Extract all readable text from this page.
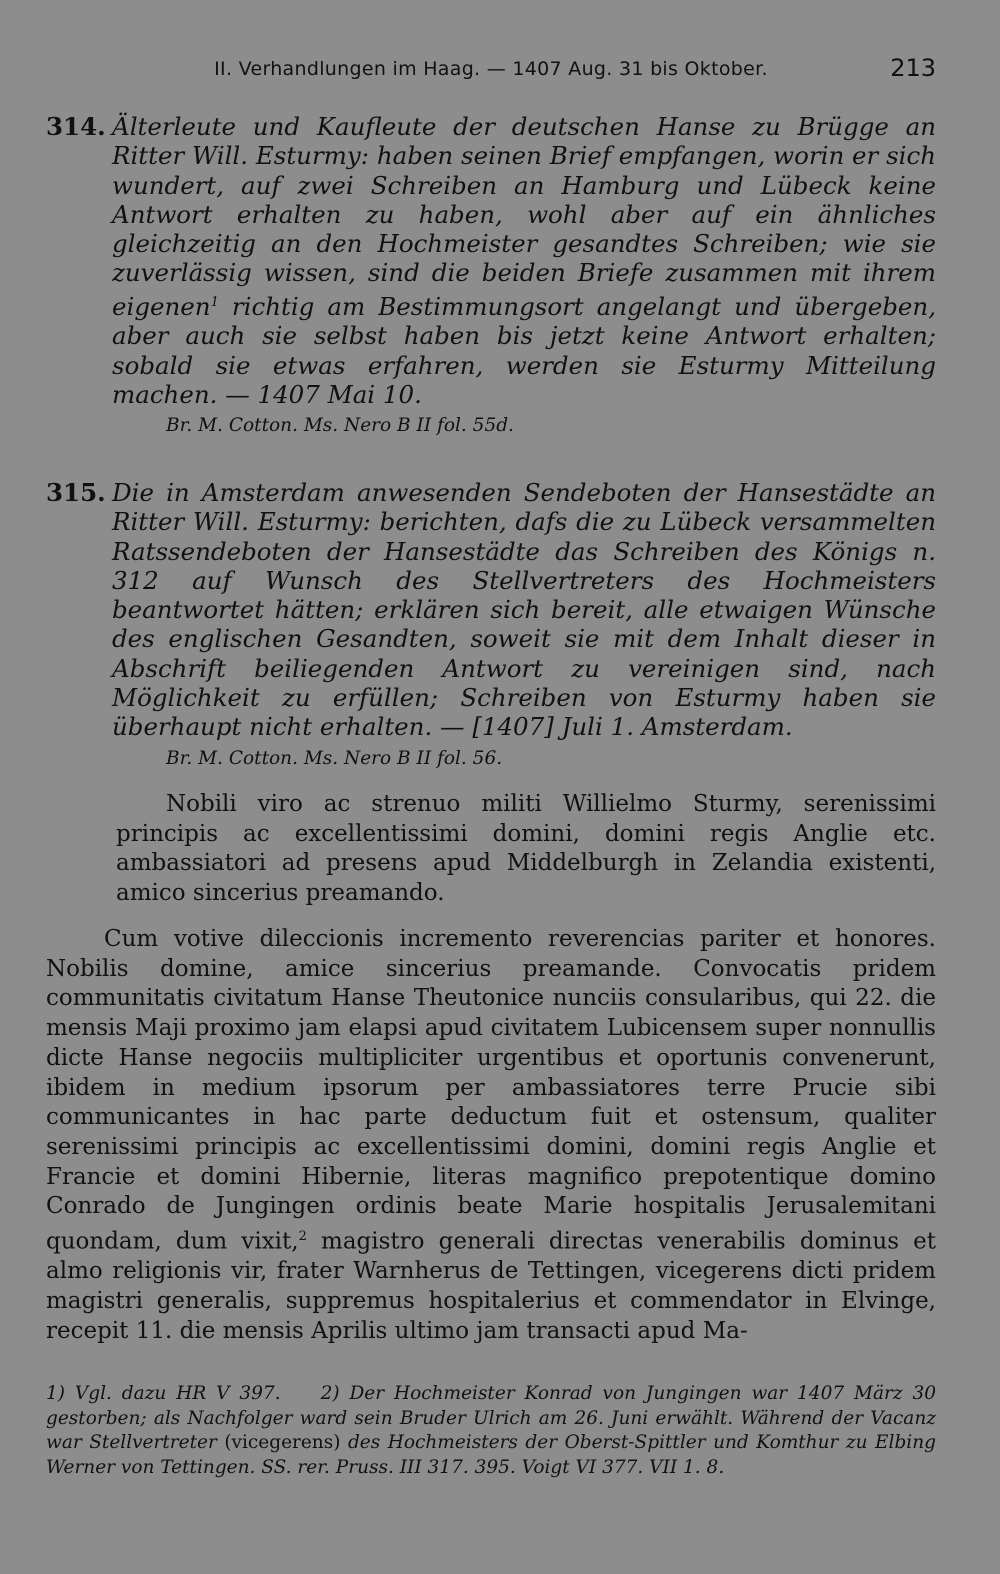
II. Verhandlungen im Haag. — 1407 Aug. 31 bis Oktober.	213

314. Älterleute und Kaufleute der deutschen Hanse zu Brügge an Ritter Will. Esturmy: haben seinen Brief empfangen, worin er sich wundert, auf zwei Schreiben an Hamburg und Lübeck keine Antwort erhalten zu haben, wohl aber auf ein ähnliches gleichzeitig an den Hochmeister gesandtes Schreiben; wie sie zuverlässig wissen, sind die beiden Briefe zusammen mit ihrem eigenen$^1$ richtig am Bestimmungsort angelangt und übergeben, aber auch sie selbst haben bis jetzt keine Antwort erhalten; sobald sie etwas erfahren, werden sie Esturmy Mitteilung machen. — 1407 Mai 10.

Br. M. Cotton. Ms. Nero B II fol. 55d.

315. Die in Amsterdam anwesenden Sendeboten der Hansestädte an Ritter Will. Esturmy: berichten, dafs die zu Lübeck versammelten Ratssendeboten der Hansestädte das Schreiben des Königs n. 312 auf Wunsch des Stellvertreters des Hochmeisters beantwortet hätten; erklären sich bereit, alle etwaigen Wünsche des englischen Gesandten, soweit sie mit dem Inhalt dieser in Abschrift beiliegenden Antwort zu vereinigen sind, nach Möglichkeit zu erfüllen; Schreiben von Esturmy haben sie überhaupt nicht erhalten. — [1407] Juli 1. Amsterdam.

Br. M. Cotton. Ms. Nero B II fol. 56.

Nobili viro ac strenuo militi Willielmo Sturmy, serenissimi principis ac excellentissimi domini, domini regis Anglie etc. ambassiatori ad presens apud Middelburgh in Zelandia existenti, amico sincerius preamando.

Cum votive dileccionis incremento reverencias pariter et honores. Nobilis domine, amice sincerius preamande. Convocatis pridem communitatis civitatum Hanse Theutonice nunciis consularibus, qui 22. die mensis Maji proximo jam elapsi apud civitatem Lubicensem super nonnullis dicte Hanse negociis multipliciter urgentibus et oportunis convenerunt, ibidem in medium ipsorum per ambassiatores terre Prucie sibi communicantes in hac parte deductum fuit et ostensum, qualiter serenissimi principis ac excellentissimi domini, domini regis Anglie et Francie et domini Hibernie, literas magnifico prepotentique domino Conrado de Jungingen ordinis beate Marie hospitalis Jerusalemitani quondam, dum vixit,$^2$ magistro generali directas venerabilis dominus et almo religionis vir, frater Warnherus de Tettingen, vicegerens dicti pridem magistri generalis, suppremus hospitalerius et commendator in Elvinge, recepit 11. die mensis Aprilis ultimo jam transacti apud Ma-

1) Vgl. dazu HR V 397. 2) Der Hochmeister Konrad von Jungingen war 1407 März 30 gestorben; als Nachfolger ward sein Bruder Ulrich am 26. Juni erwählt. Während der Vacanz war Stellvertreter (vicegerens) des Hochmeisters der Oberst-Spittler und Komthur zu Elbing Werner von Tettingen. SS. rer. Pruss. III 317. 395. Voigt VI 377. VII 1. 8.
